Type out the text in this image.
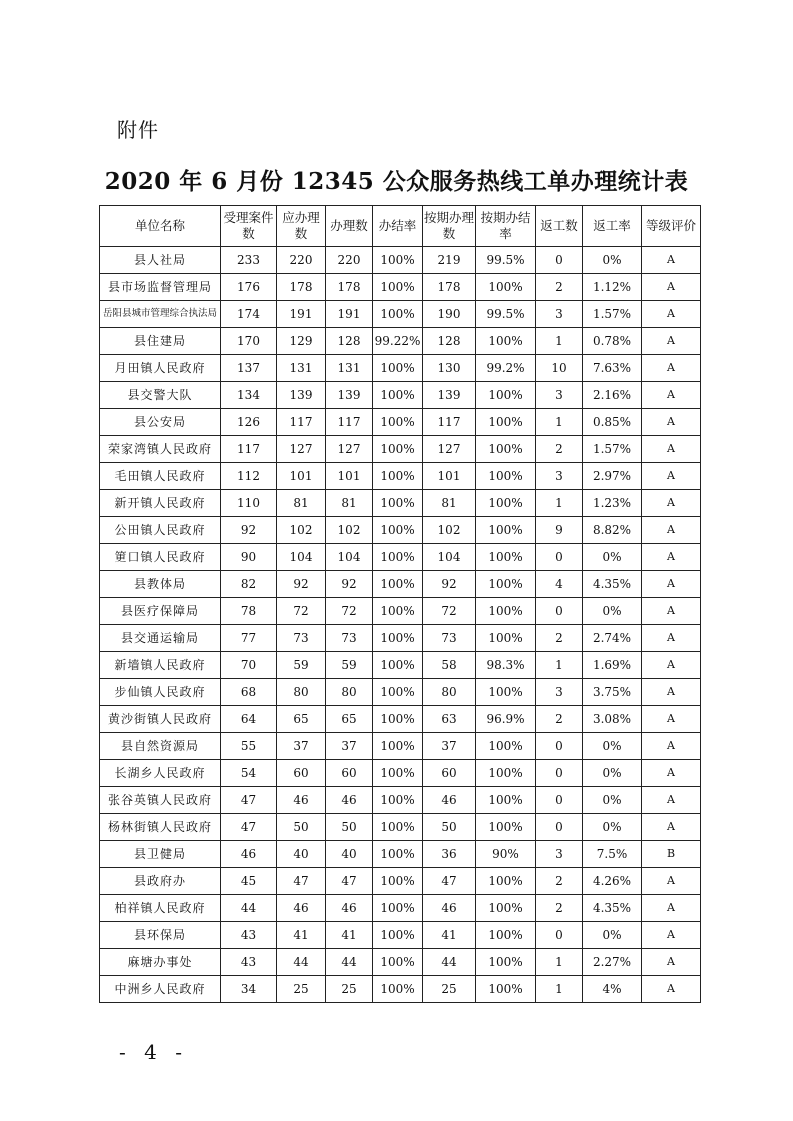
附件
2020 年 6 月份 12345 公众服务热线工单办理统计表
单位名称	受理案件数	应办理数	办理数	办结率	按期办理数	按期办结率	返工数	返工率	等级评价
县人社局	233	220	220	100%	219	99.5%	0	0%	A
县市场监督管理局	176	178	178	100%	178	100%	2	1.12%	A
岳阳县城市管理综合执法局	174	191	191	100%	190	99.5%	3	1.57%	A
县住建局	170	129	128	99.22%	128	100%	1	0.78%	A
月田镇人民政府	137	131	131	100%	130	99.2%	10	7.63%	A
县交警大队	134	139	139	100%	139	100%	3	2.16%	A
县公安局	126	117	117	100%	117	100%	1	0.85%	A
荣家湾镇人民政府	117	127	127	100%	127	100%	2	1.57%	A
毛田镇人民政府	112	101	101	100%	101	100%	3	2.97%	A
新开镇人民政府	110	81	81	100%	81	100%	1	1.23%	A
公田镇人民政府	92	102	102	100%	102	100%	9	8.82%	A
筻口镇人民政府	90	104	104	100%	104	100%	0	0%	A
县教体局	82	92	92	100%	92	100%	4	4.35%	A
县医疗保障局	78	72	72	100%	72	100%	0	0%	A
县交通运输局	77	73	73	100%	73	100%	2	2.74%	A
新墙镇人民政府	70	59	59	100%	58	98.3%	1	1.69%	A
步仙镇人民政府	68	80	80	100%	80	100%	3	3.75%	A
黄沙街镇人民政府	64	65	65	100%	63	96.9%	2	3.08%	A
县自然资源局	55	37	37	100%	37	100%	0	0%	A
长湖乡人民政府	54	60	60	100%	60	100%	0	0%	A
张谷英镇人民政府	47	46	46	100%	46	100%	0	0%	A
杨林街镇人民政府	47	50	50	100%	50	100%	0	0%	A
县卫健局	46	40	40	100%	36	90%	3	7.5%	B
县政府办	45	47	47	100%	47	100%	2	4.26%	A
柏祥镇人民政府	44	46	46	100%	46	100%	2	4.35%	A
县环保局	43	41	41	100%	41	100%	0	0%	A
麻塘办事处	43	44	44	100%	44	100%	1	2.27%	A
中洲乡人民政府	34	25	25	100%	25	100%	1	4%	A
- 4 -
